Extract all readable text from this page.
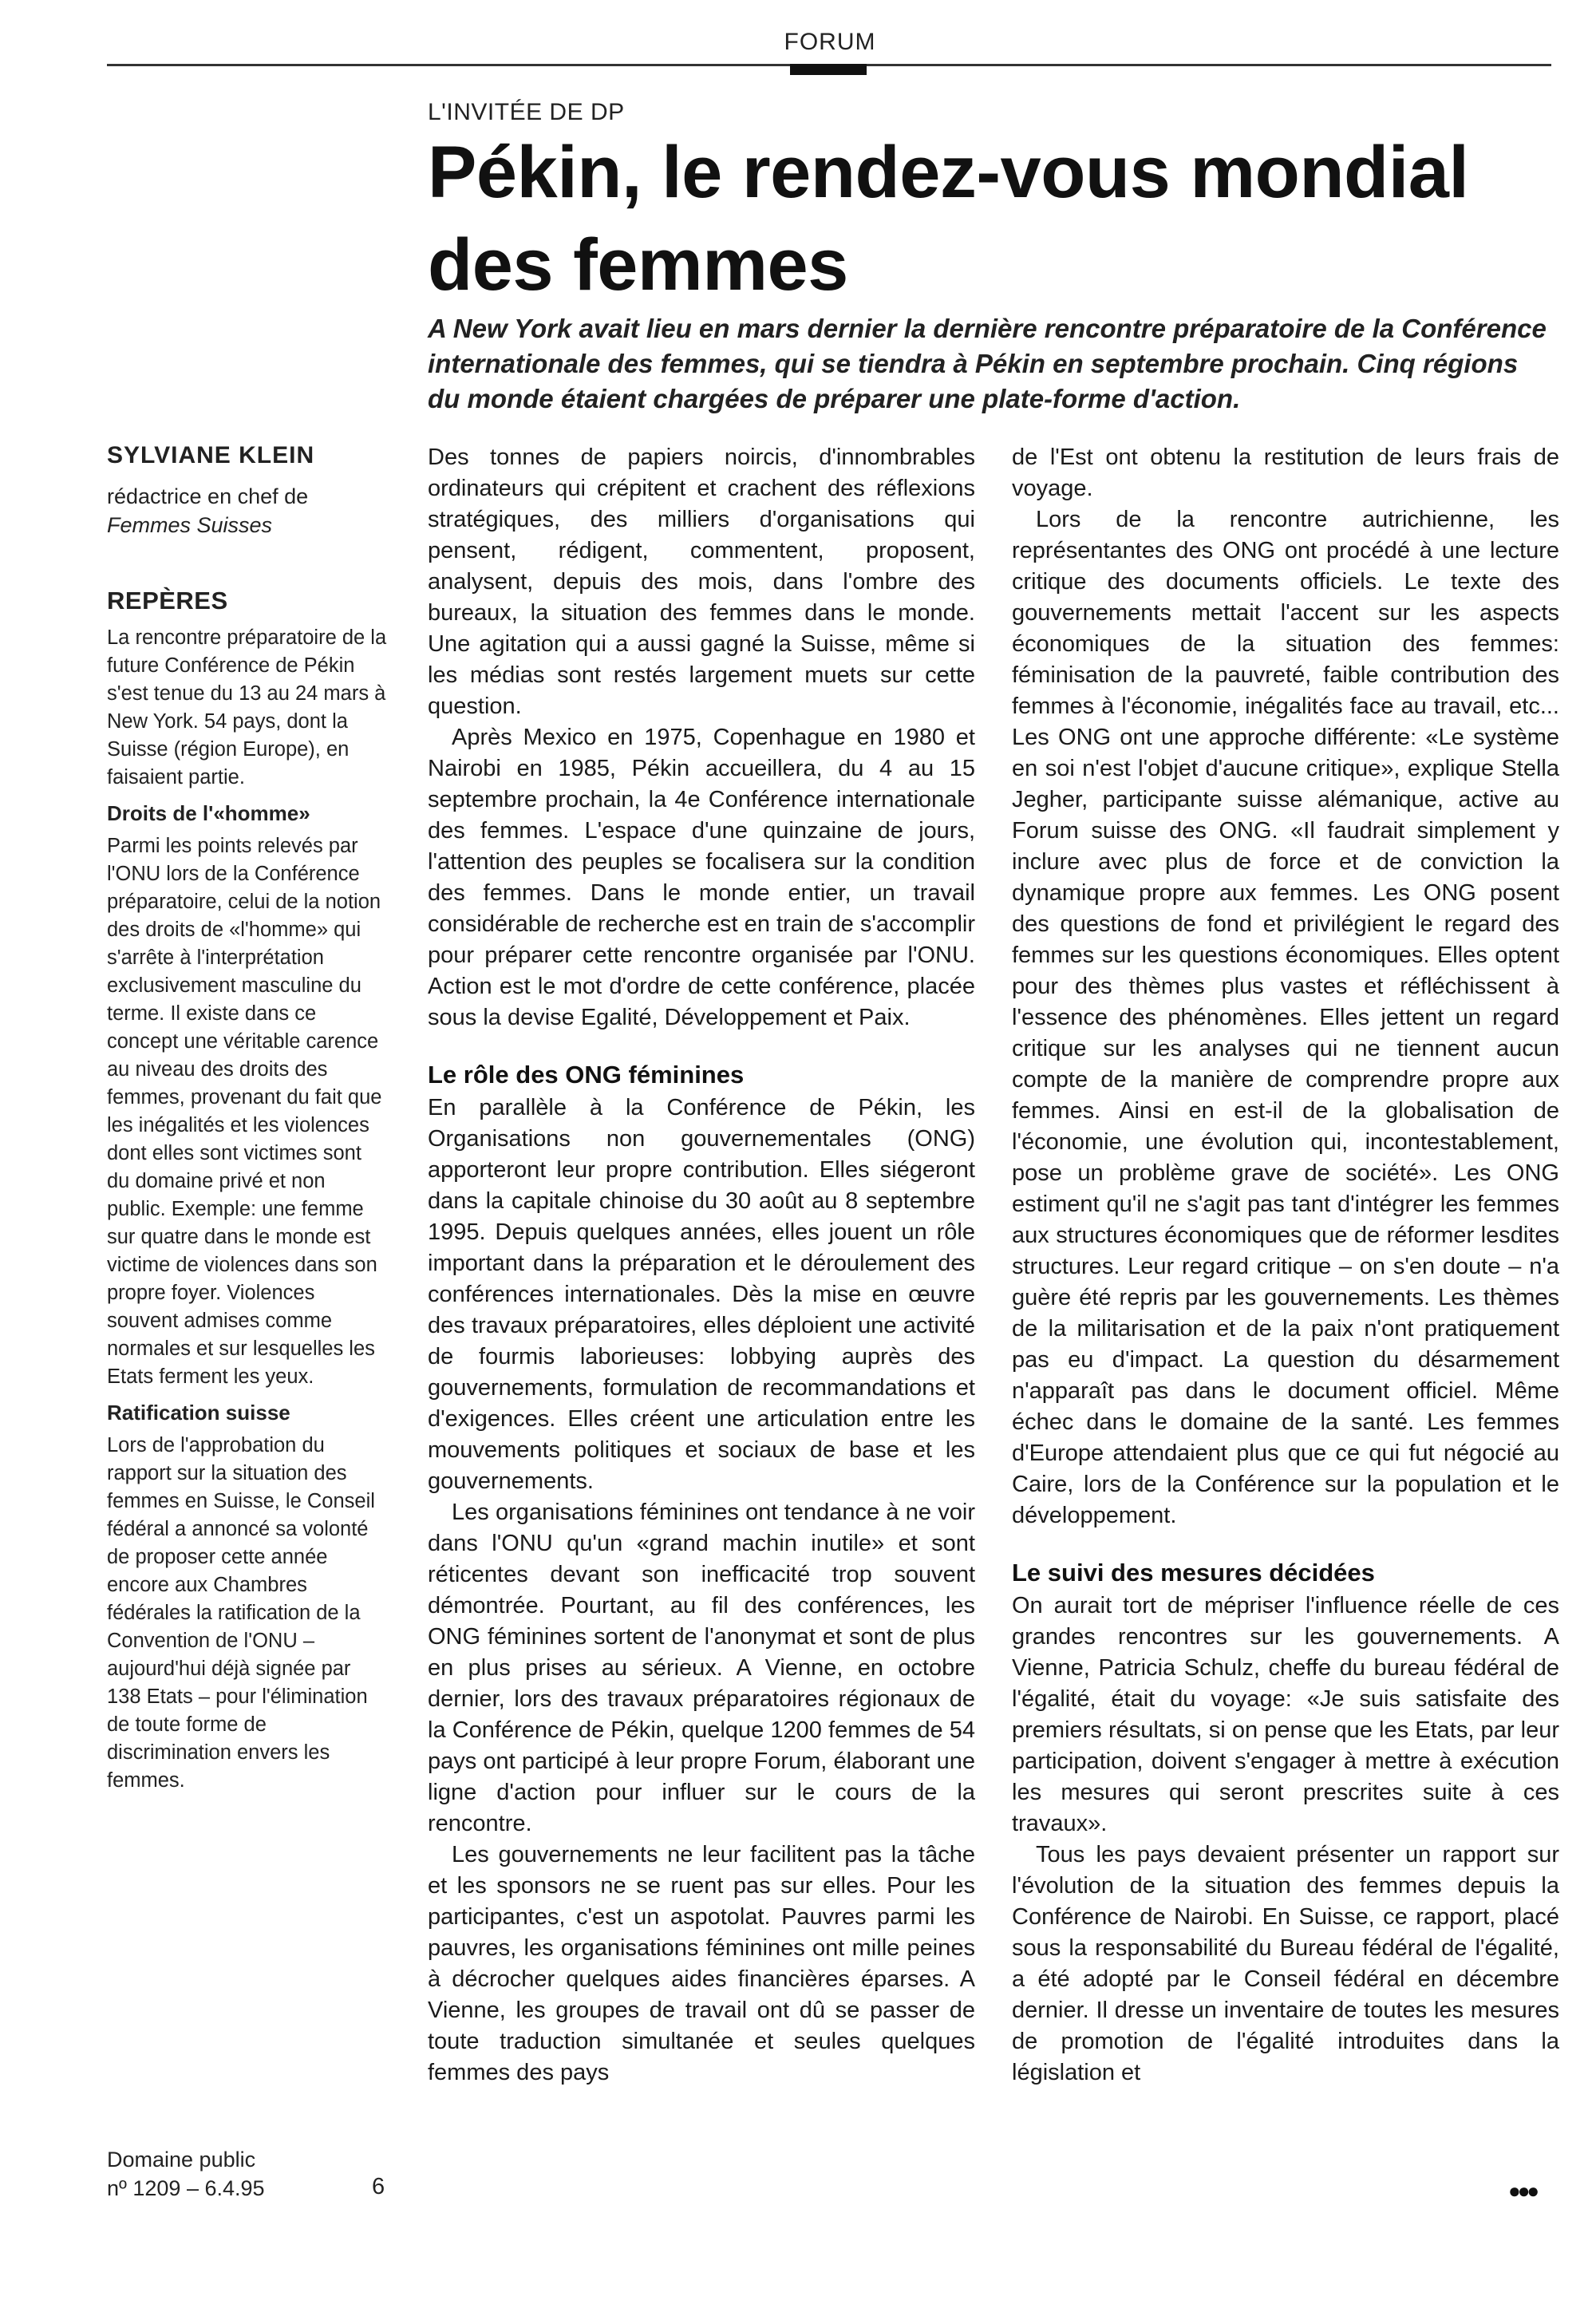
FORUM
L'INVITÉE DE DP
Pékin, le rendez-vous mondial des femmes
A New York avait lieu en mars dernier la dernière rencontre préparatoire de la Conférence internationale des femmes, qui se tiendra à Pékin en septembre prochain. Cinq régions du monde étaient chargées de préparer une plate-forme d'action.
SYLVIANE KLEIN
rédactrice en chef de
Femmes Suisses
REPÈRES

La rencontre préparatoire de la future Conférence de Pékin s'est tenue du 13 au 24 mars à New York. 54 pays, dont la Suisse (région Europe), en faisaient partie.

Droits de l'«homme»

Parmi les points relevés par l'ONU lors de la Conférence préparatoire, celui de la notion des droits de «l'homme» qui s'arrête à l'interprétation exclusivement masculine du terme. Il existe dans ce concept une véritable carence au niveau des droits des femmes, provenant du fait que les inégalités et les violences dont elles sont victimes sont du domaine privé et non public. Exemple: une femme sur quatre dans le monde est victime de violences dans son propre foyer. Violences souvent admises comme normales et sur lesquelles les Etats ferment les yeux.

Ratification suisse

Lors de l'approbation du rapport sur la situation des femmes en Suisse, le Conseil fédéral a annoncé sa volonté de proposer cette année encore aux Chambres fédérales la ratification de la Convention de l'ONU – aujourd'hui déjà signée par 138 Etats – pour l'élimination de toute forme de discrimination envers les femmes.

Des tonnes de papiers noircis, d'innombrables ordinateurs qui crépitent et crachent des réflexions stratégiques, des milliers d'organisations qui pensent, rédigent, commentent, proposent, analysent, depuis des mois, dans l'ombre des bureaux, la situation des femmes dans le monde. Une agitation qui a aussi gagné la Suisse, même si les médias sont restés largement muets sur cette question.

Après Mexico en 1975, Copenhague en 1980 et Nairobi en 1985, Pékin accueillera, du 4 au 15 septembre prochain, la 4e Conférence internationale des femmes. L'espace d'une quinzaine de jours, l'attention des peuples se focalisera sur la condition des femmes. Dans le monde entier, un travail considérable de recherche est en train de s'accomplir pour préparer cette rencontre organisée par l'ONU. Action est le mot d'ordre de cette conférence, placée sous la devise Egalité, Développement et Paix.

Le rôle des ONG féminines

En parallèle à la Conférence de Pékin, les Organisations non gouvernementales (ONG) apporteront leur propre contribution. Elles siégeront dans la capitale chinoise du 30 août au 8 septembre 1995. Depuis quelques années, elles jouent un rôle important dans la préparation et le déroulement des conférences internationales. Dès la mise en œuvre des travaux préparatoires, elles déploient une activité de fourmis laborieuses: lobbying auprès des gouvernements, formulation de recommandations et d'exigences. Elles créent une articulation entre les mouvements politiques et sociaux de base et les gouvernements.

Les organisations féminines ont tendance à ne voir dans l'ONU qu'un «grand machin inutile» et sont réticentes devant son inefficacité trop souvent démontrée. Pourtant, au fil des conférences, les ONG féminines sortent de l'anonymat et sont de plus en plus prises au sérieux. A Vienne, en octobre dernier, lors des travaux préparatoires régionaux de la Conférence de Pékin, quelque 1200 femmes de 54 pays ont participé à leur propre Forum, élaborant une ligne d'action pour influer sur le cours de la rencontre.

Les gouvernements ne leur facilitent pas la tâche et les sponsors ne se ruent pas sur elles. Pour les participantes, c'est un aspotolat. Pauvres parmi les pauvres, les organisations féminines ont mille peines à décrocher quelques aides financières éparses. A Vienne, les groupes de travail ont dû se passer de toute traduction simultanée et seules quelques femmes des pays

de l'Est ont obtenu la restitution de leurs frais de voyage.

Lors de la rencontre autrichienne, les représentantes des ONG ont procédé à une lecture critique des documents officiels. Le texte des gouvernements mettait l'accent sur les aspects économiques de la situation des femmes: féminisation de la pauvreté, faible contribution des femmes à l'économie, inégalités face au travail, etc... Les ONG ont une approche différente: «Le système en soi n'est l'objet d'aucune critique», explique Stella Jegher, participante suisse alémanique, active au Forum suisse des ONG. «Il faudrait simplement y inclure avec plus de force et de conviction la dynamique propre aux femmes. Les ONG posent des questions de fond et privilégient le regard des femmes sur les questions économiques. Elles optent pour des thèmes plus vastes et réfléchissent à l'essence des phénomènes. Elles jettent un regard critique sur les analyses qui ne tiennent aucun compte de la manière de comprendre propre aux femmes. Ainsi en est-il de la globalisation de l'économie, une évolution qui, incontestablement, pose un problème grave de société». Les ONG estiment qu'il ne s'agit pas tant d'intégrer les femmes aux structures économiques que de réformer lesdites structures. Leur regard critique – on s'en doute – n'a guère été repris par les gouvernements. Les thèmes de la militarisation et de la paix n'ont pratiquement pas eu d'impact. La question du désarmement n'apparaît pas dans le document officiel. Même échec dans le domaine de la santé. Les femmes d'Europe attendaient plus que ce qui fut négocié au Caire, lors de la Conférence sur la population et le développement.

Le suivi des mesures décidées

On aurait tort de mépriser l'influence réelle de ces grandes rencontres sur les gouvernements. A Vienne, Patricia Schulz, cheffe du bureau fédéral de l'égalité, était du voyage: «Je suis satisfaite des premiers résultats, si on pense que les Etats, par leur participation, doivent s'engager à mettre à exécution les mesures qui seront prescrites suite à ces travaux».

Tous les pays devaient présenter un rapport sur l'évolution de la situation des femmes depuis la Conférence de Nairobi. En Suisse, ce rapport, placé sous la responsabilité du Bureau fédéral de l'égalité, a été adopté par le Conseil fédéral en décembre dernier. Il dresse un inventaire de toutes les mesures de promotion de l'égalité introduites dans la législation et

Domaine public
nº 1209 – 6.4.95	6	●●●
